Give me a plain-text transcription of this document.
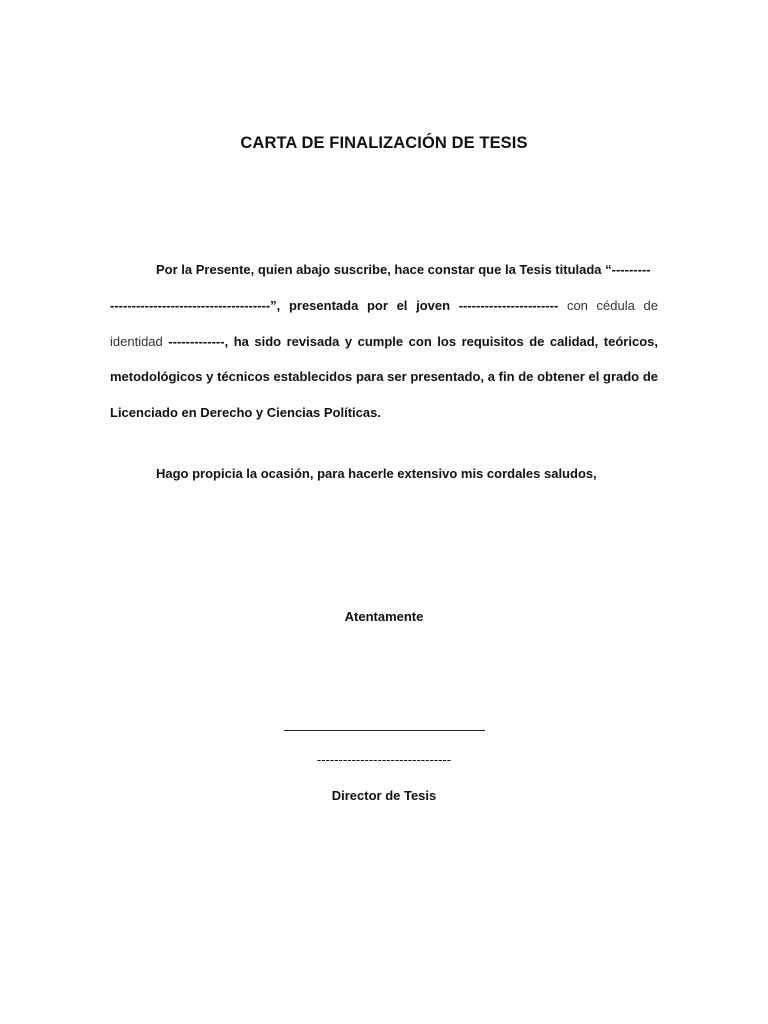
CARTA DE FINALIZACIÓN DE TESIS

Por la Presente, quien abajo suscribe, hace constar que la Tesis titulada “---------
-------------------------------------”, presentada por el joven ----------------------- con cédula de identidad -------------, ha sido revisada y cumple con los requisitos de calidad, teóricos, metodológicos y técnicos establecidos para ser presentado, a fin de obtener el grado de Licenciado en Derecho y Ciencias Políticas.

Hago propicia la ocasión, para hacerle extensivo mis cordales saludos,

Atentamente
-------------------------------
Director de Tesis
